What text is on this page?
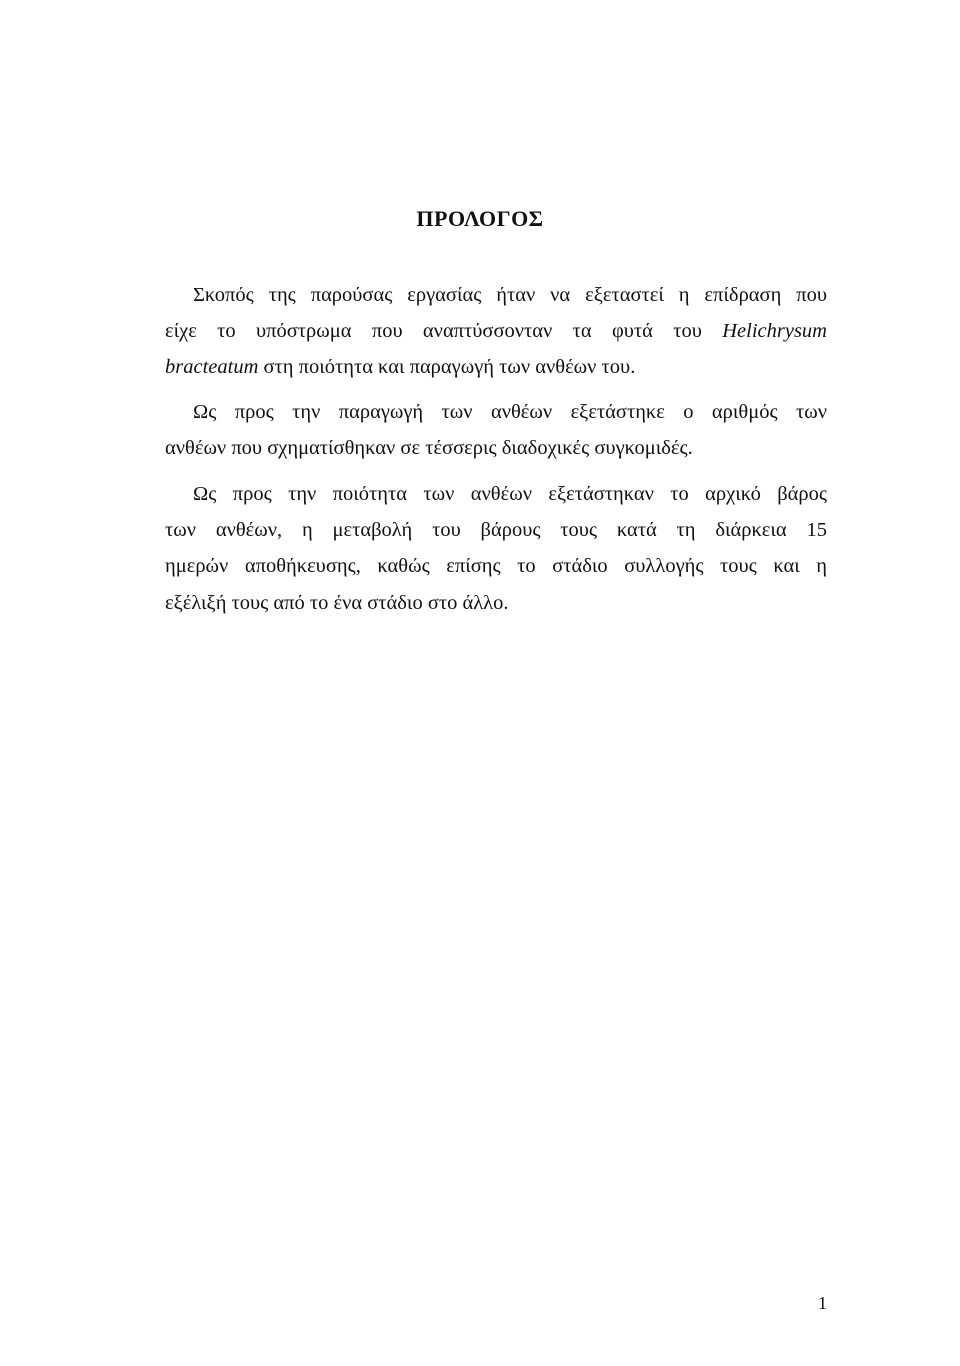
ΠΡΟΛΟΓΟΣ
Σκοπός της παρούσας εργασίας ήταν να εξεταστεί η επίδραση που
είχε το υπόστρωμα που αναπτύσσονταν τα φυτά του Helichrysum
bracteatum στη ποιότητα και παραγωγή των ανθέων του.
Ως προς την παραγωγή των ανθέων εξετάστηκε ο αριθμός των
ανθέων που σχηματίσθηκαν σε τέσσερις διαδοχικές συγκομιδές.
Ως προς την ποιότητα των ανθέων εξετάστηκαν το αρχικό βάρος
των ανθέων, η μεταβολή του βάρους τους κατά τη διάρκεια 15
ημερών αποθήκευσης, καθώς επίσης το στάδιο συλλογής τους και η
εξέλιξή τους από το ένα στάδιο στο άλλο.
1
